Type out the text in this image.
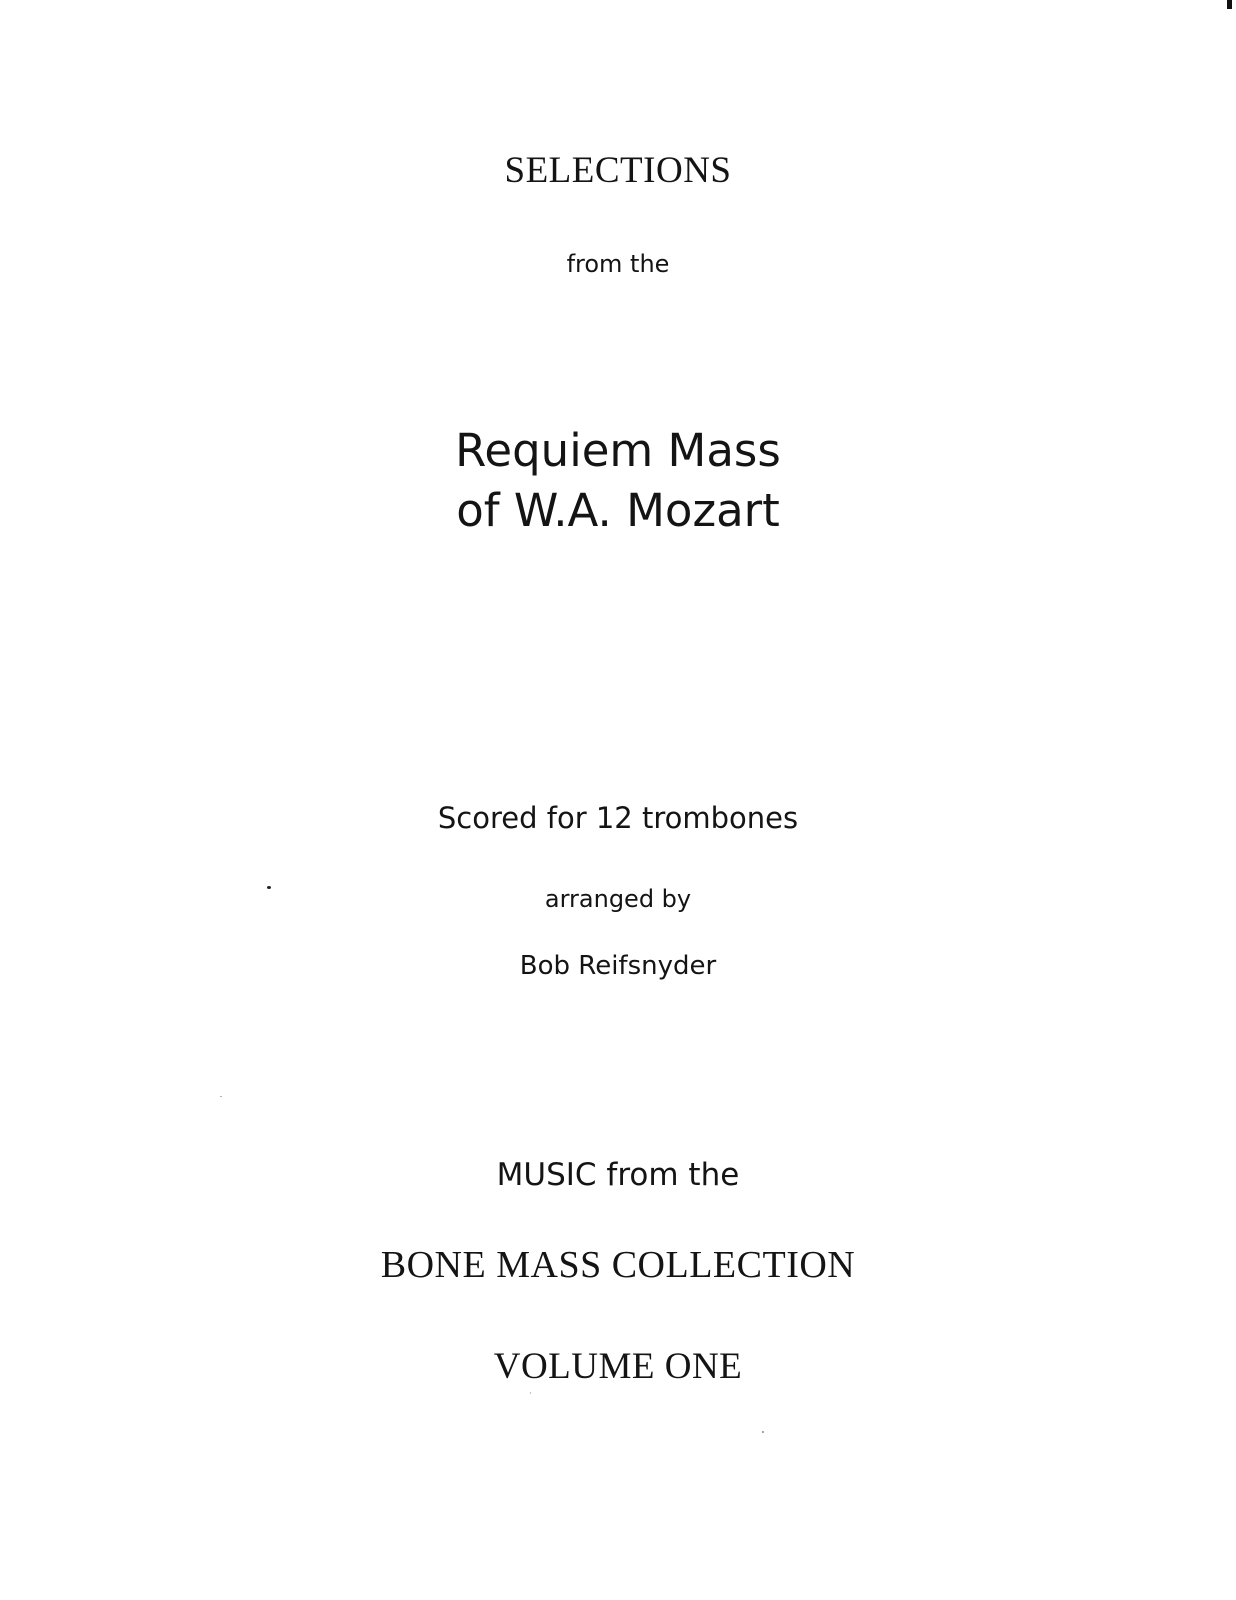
SELECTIONS
from the
Requiem Mass
of W.A. Mozart
Scored for 12 trombones
arranged by
Bob Reifsnyder
MUSIC from the
BONE MASS COLLECTION
VOLUME ONE
